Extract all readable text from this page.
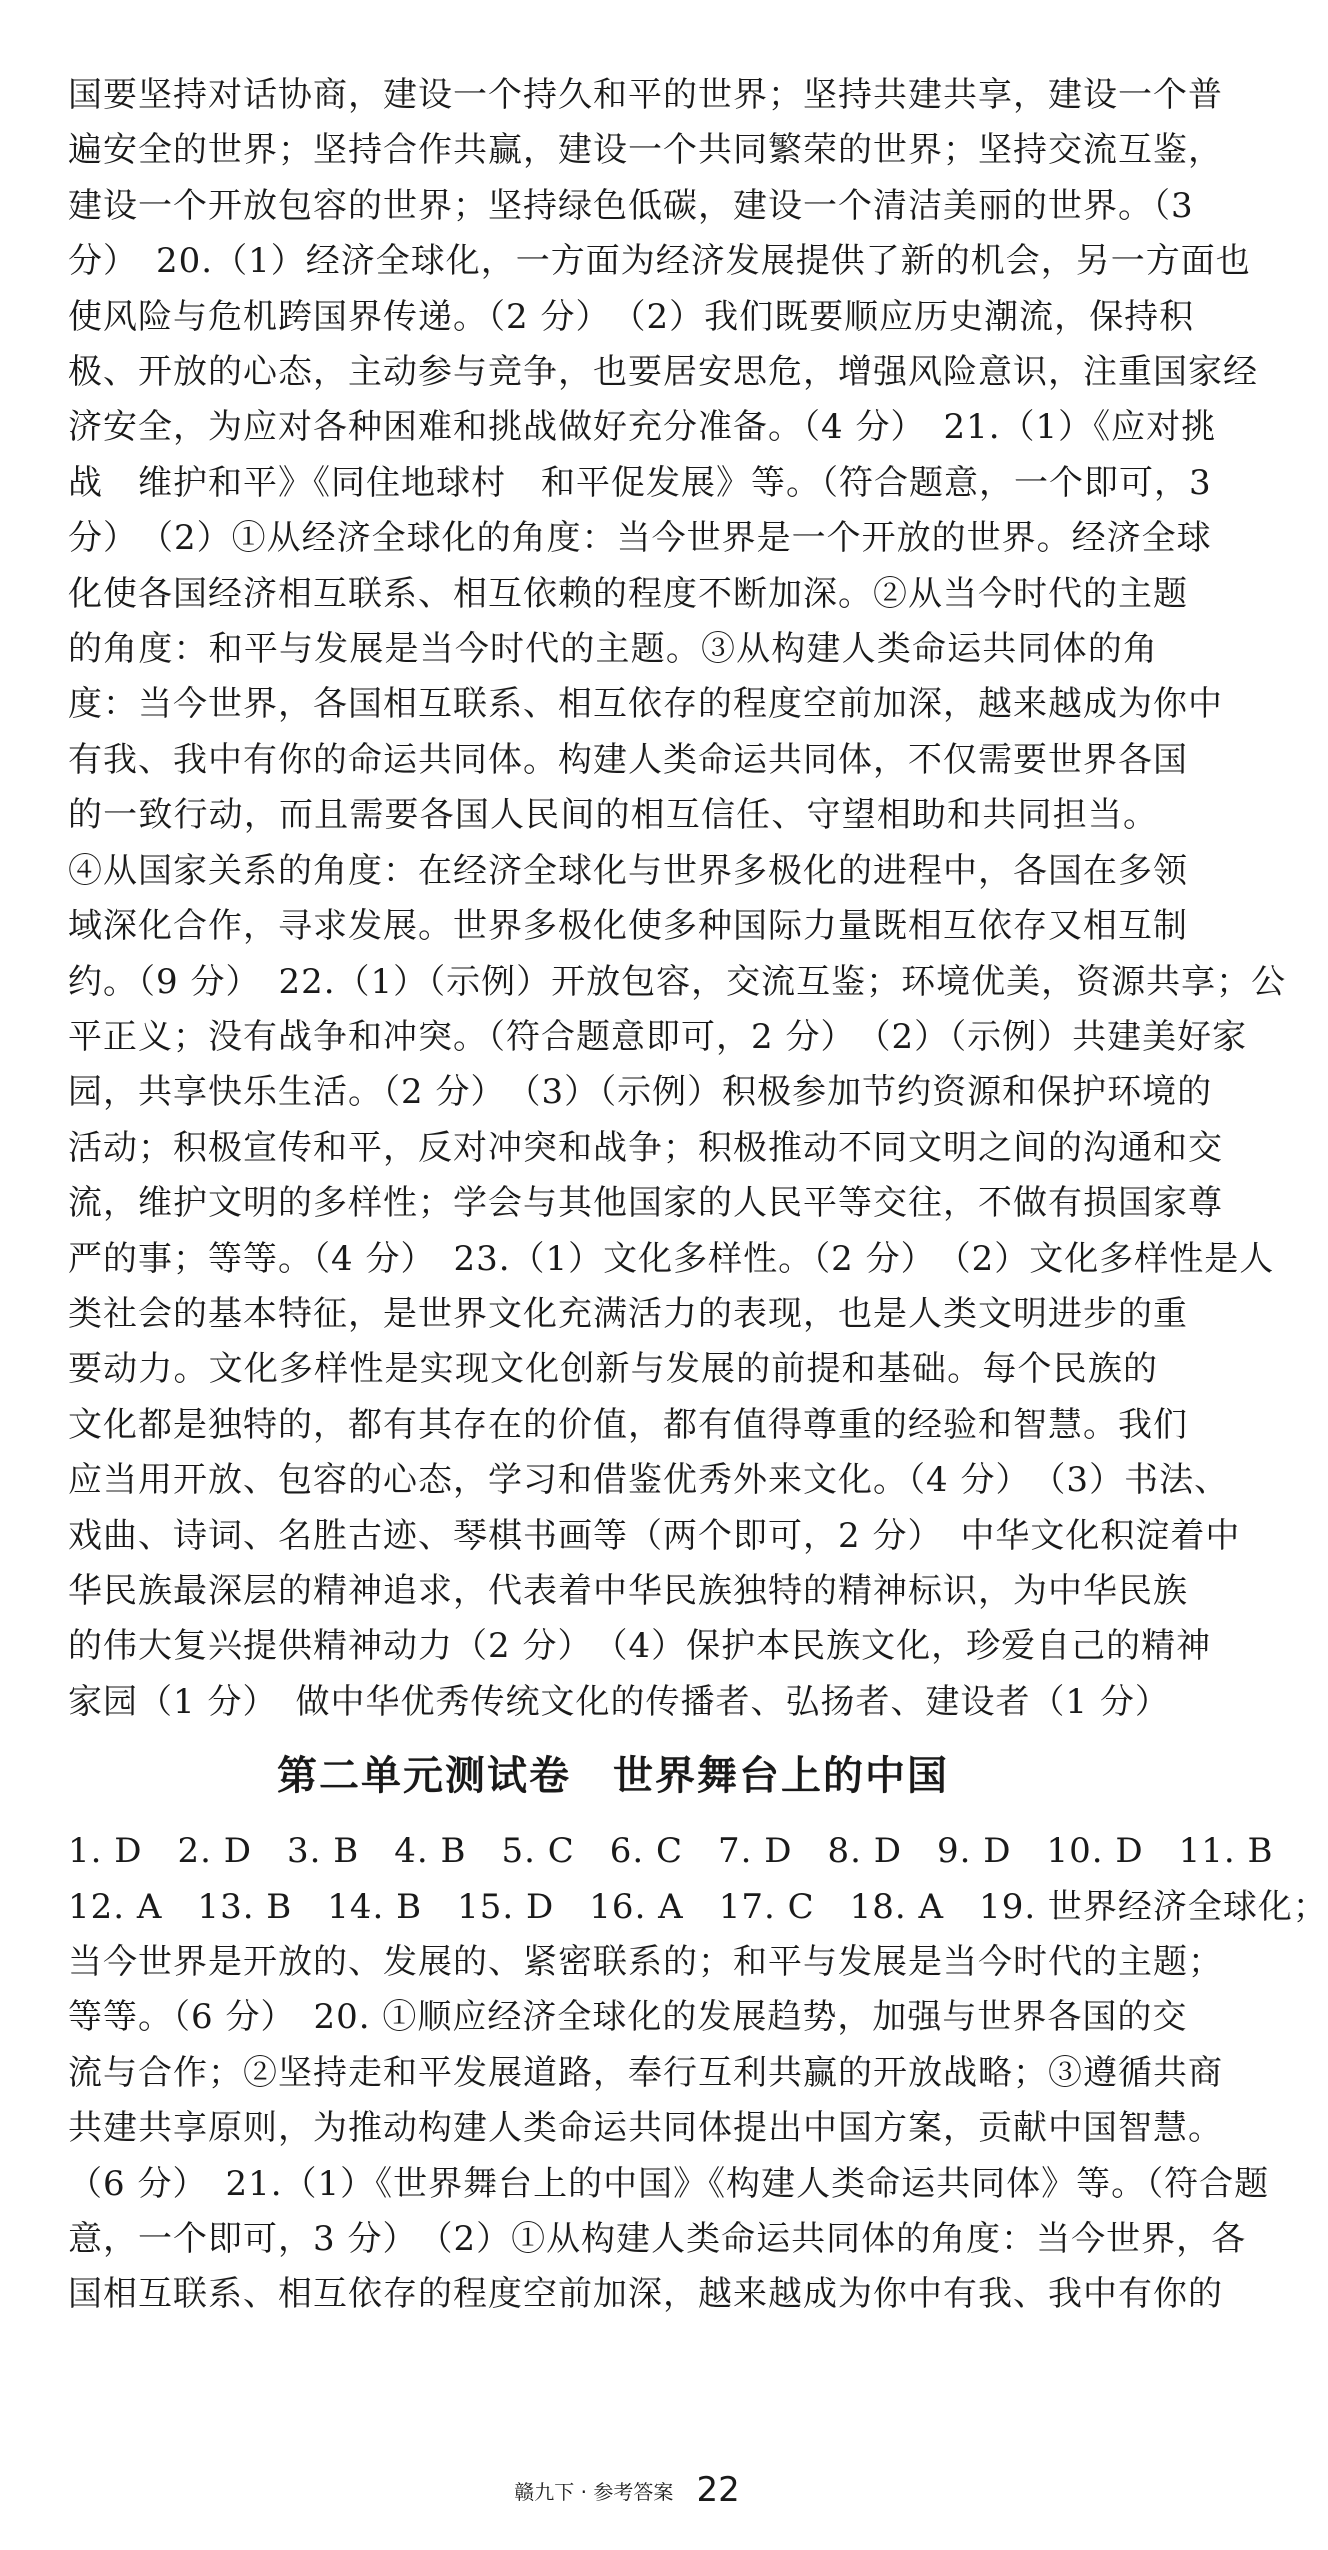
国要坚持对话协商，建设一个持久和平的世界；坚持共建共享，建设一个普

遍安全的世界；坚持合作共赢，建设一个共同繁荣的世界；坚持交流互鉴，

建设一个开放包容的世界；坚持绿色低碳，建设一个清洁美丽的世界。（3

分）　20.（1）经济全球化，一方面为经济发展提供了新的机会，另一方面也

使风险与危机跨国界传递。（2 分）　（2）我们既要顺应历史潮流，保持积

极、开放的心态，主动参与竞争，也要居安思危，增强风险意识，注重国家经

济安全，为应对各种困难和挑战做好充分准备。（4 分）　21.（1）《应对挑

战　维护和平》《同住地球村　和平促发展》等。（符合题意，一个即可，3

分）　（2）①从经济全球化的角度：当今世界是一个开放的世界。经济全球

化使各国经济相互联系、相互依赖的程度不断加深。②从当今时代的主题

的角度：和平与发展是当今时代的主题。③从构建人类命运共同体的角

度：当今世界，各国相互联系、相互依存的程度空前加深，越来越成为你中

有我、我中有你的命运共同体。构建人类命运共同体，不仅需要世界各国

的一致行动，而且需要各国人民间的相互信任、守望相助和共同担当。

④从国家关系的角度：在经济全球化与世界多极化的进程中，各国在多领

域深化合作，寻求发展。世界多极化使多种国际力量既相互依存又相互制

约。（9 分）　22.（1）（示例）开放包容，交流互鉴；环境优美，资源共享；公

平正义；没有战争和冲突。（符合题意即可，2 分）　（2）（示例）共建美好家

园，共享快乐生活。（2 分）　（3）（示例）积极参加节约资源和保护环境的

活动；积极宣传和平，反对冲突和战争；积极推动不同文明之间的沟通和交

流，维护文明的多样性；学会与其他国家的人民平等交往，不做有损国家尊

严的事；等等。（4 分）　23.（1）文化多样性。（2 分）　（2）文化多样性是人

类社会的基本特征，是世界文化充满活力的表现，也是人类文明进步的重

要动力。文化多样性是实现文化创新与发展的前提和基础。每个民族的

文化都是独特的，都有其存在的价值，都有值得尊重的经验和智慧。我们

应当用开放、包容的心态，学习和借鉴优秀外来文化。（4 分）　（3）书法、

戏曲、诗词、名胜古迹、琴棋书画等（两个即可，2 分）　中华文化积淀着中

华民族最深层的精神追求，代表着中华民族独特的精神标识，为中华民族

的伟大复兴提供精神动力（2 分）　（4）保护本民族文化，珍爱自己的精神

家园（1 分）　做中华优秀传统文化的传播者、弘扬者、建设者（1 分）

第二单元测试卷　世界舞台上的中国

1. D　2. D　3. B　4. B　5. C　6. C　7. D　8. D　9. D　10. D　11. B

12. A　13. B　14. B　15. D　16. A　17. C　18. A　19. 世界经济全球化；

当今世界是开放的、发展的、紧密联系的；和平与发展是当今时代的主题；

等等。（6 分）　20. ①顺应经济全球化的发展趋势，加强与世界各国的交

流与合作；②坚持走和平发展道路，奉行互利共赢的开放战略；③遵循共商

共建共享原则，为推动构建人类命运共同体提出中国方案，贡献中国智慧。

（6 分）　21.（1）《世界舞台上的中国》《构建人类命运共同体》等。（符合题

意，一个即可，3 分）　（2）①从构建人类命运共同体的角度：当今世界，各

国相互联系、相互依存的程度空前加深，越来越成为你中有我、我中有你的

赣九下 · 参考答案 22
